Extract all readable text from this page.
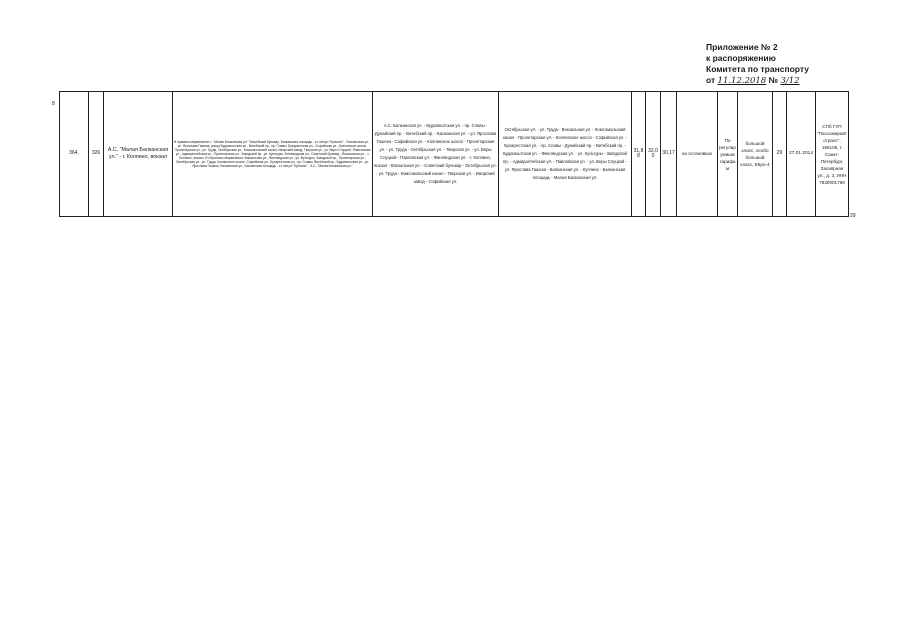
Приложение № 2
к распоряжению
Комитета по транспорту
от 11.12.2018 № 3/12
8
364.	326	А.С. "Малая Балканская ул." - г. Колпино, вокзал	В прямом направлении: г. "Малая Балканская ул." Загребский бульвар, Балканская площадь - ст. метро "Купчино" - Балканская ул. - ул. Ярослава Гашека, улица Будапештская ул., Витебский пр., пр. Славы, Бухарестская ул., Софийская ул., Колпинское шоссе, Пролетарская ул., ул. Труда, Октябрьская ул., Комсомольский канал, Ижорский завод, Тверская ул., ул. Веры Слуцкой, Павловская ул., Адмиралтейская ул., Пролетарская ул., Заводской пр., ул. Культуры, Финляндская ул., Советский бульвар - Вокзальная ул. - г. Колпино, вокзал. В обратном направлении: Вокзальная ул., Финляндская ул., ул. Культуры, Заводской пр., Пролетарская ул., Октябрьская ул., ул. Труда, Колпинское шоссе, Софийская ул., Бухарестская ул., пр. Славы, Витебский пр., Будапештская ул., ул. Ярослава Гашека, Балканская ул., Балканская площадь - ст. метро "Купчино" - А.С. "Малая Балканская ул."	А.С. Балканская ул. - Будапештская ул. - пр. Славы - Дунайский пр. - Витебский пр. - Балканская ул. - ул. Ярослава Гашека - Софийская ул. - Колпинское шоссе - Пролетарская ул. - ул. Труда - Октябрьская ул. - Тверская ул. - ул. Веры Слуцкой - Павловская ул. - Финляндская ул. - г. Колпино, вокзал - Вокзальная ул. - Советский бульвар - Октябрьская ул. - ул. Труда - Комсомольский канал - Тверская ул. - Ижорский завод - Софийская ул.	Октябрьская ул. - ул. Труда - Вокзальная ул. - Комсомольский канал - Пролетарская ул. - Колпинское шоссе - Софийская ул. - Бухарестская ул. - пр. Славы - Дунайский пр. - Витебский пр. - Будапештская ул. - Финляндская ул. - ул. Культуры - Заводской пр. - Адмиралтейская ул. - Павловская ул. - ул. Веры Слуцкой - ул. Ярослава Гашека - Балканская ул. - Купчино - Балканская площадь - Малая Балканская ул.	31,88	32,00	30,17	на остановках	По регулируемым тарифам	большой класс, особо большой класс, Евро-4	29	27.01.2014	СПб ГУП "Пассажиравтотранс", 196105, г. Санкт-Петербург, Заозёрная ул., д. 3, ИНН 7830001758
29
